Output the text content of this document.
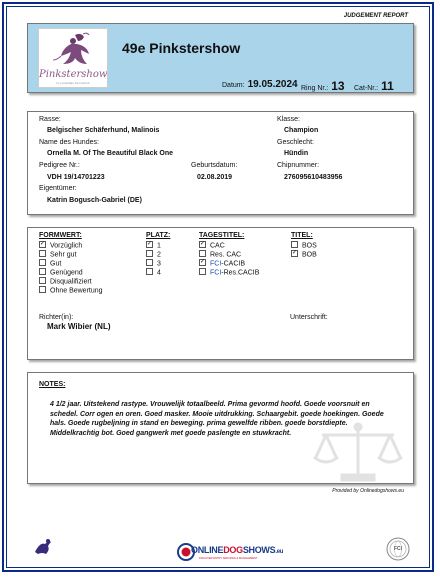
JUDGEMENT REPORT
Pinkstershow
by Landelijke Kennelclub
49e Pinkstershow
Datum: 19.05.2024 Ring Nr.: 13 Cat-Nr.: 11
Rasse:
Belgischer Schäferhund, Malinois
Klasse:
Champion
Name des Hundes:
Ornella M. Of The Beautiful Black One
Geschlecht:
Hündin
Pedigree Nr.:
VDH 19/14701223
Geburtsdatum:
02.08.2019
Chipnummer:
276095610483956
Eigentümer:
Katrin Bogusch-Gabriel (DE)
FORMWERT:
✓ Vorzüglich
Sehr gut
Gut
Genügend
Disqualifiziert
Ohne Bewertung
PLATZ:
✓ 1
2
3
4
TAGESTITEL:
✓ CAC
Res. CAC
✓ FCI-CACIB
FCI-Res.CACIB
TITEL:
BOS
✓ BOB
Richter(in):
Mark Wibier (NL)
Unterschrift:
NOTES:
4 1/2 jaar. Uitstekend rastype. Vrouwelijk totaalbeeld. Prima gevormd hoofd. Goede voorsnuit en schedel. Corr ogen en oren. Goed masker. Mooie uitdrukking. Schaargebit. goede hoekingen. Goede hals. Goede rugbeljning in stand en beweging. prima gewelfde ribben. goede borstdiepte. Middelkrachtig bot. Goed gangwerk met goede paslengte en stuwkracht.
Provided by Onlinedogshows.eu
ONLINEDOGSHOWS.eu
DISCOVER ENTRY SERVICES & MANAGEMENT
FCI
